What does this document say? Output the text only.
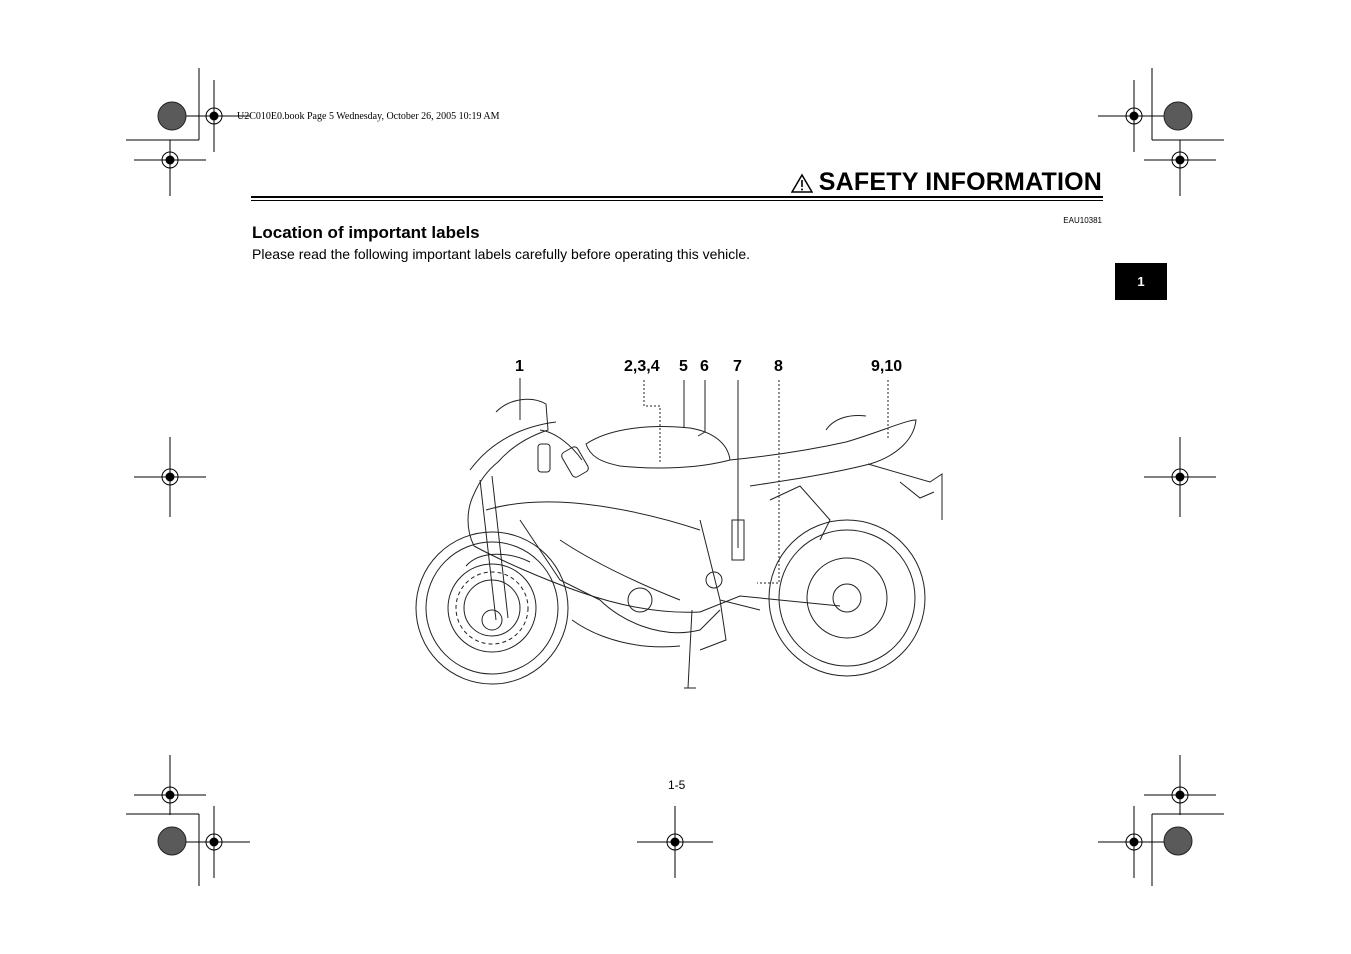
U2C010E0.book Page 5 Wednesday, October 26, 2005 10:19 AM
SAFETY INFORMATION
EAU10381
Location of important labels
Please read the following important labels carefully before operating this vehicle.
1
1	2,3,4 5 6 7 8	9,10
1-5
